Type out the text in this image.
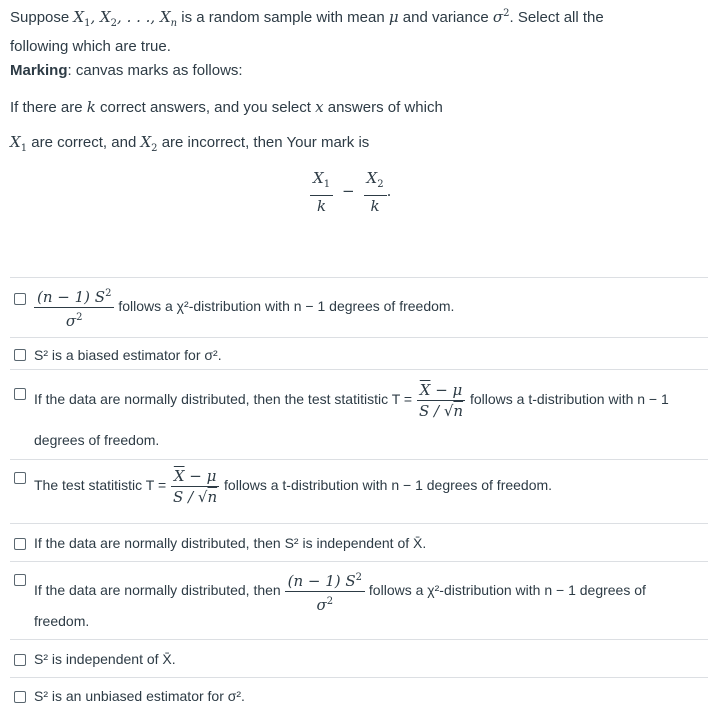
Suppose $X_1$, $X_2$, . . ., $X_n$ is a random sample with mean μ and variance $\sigma^2$. Select all the
following which are true.
Marking: canvas marks as follows:
If there are k correct answers, and you select x answers of which
$X_1$ are correct, and $X_2$ are incorrect, then Your mark is
$\frac{X_1}{k} - \frac{X_2}{k}$ .
$\frac{(n - 1) S^2}{\sigma^2}$ follows a χ²-distribution with n − 1 degrees of freedom.
S² is a biased estimator for σ².
If the data are normally distributed, then the test statitistic $T = \frac{\overline{X} - \mu}{S / √n}$ follows a t-distribution with n − 1
degrees of freedom.
The test statitistic $T = \frac{\overline{X} - \mu}{S / √n}$ follows a t-distribution with n − 1 degrees of freedom.
If the data are normally distributed, then S² is independent of X̄.
If the data are normally distributed, then $\frac{(n - 1) S^2}{\sigma^2}$ follows a χ²-distribution with n − 1 degrees of
freedom.
S² is independent of X̄.
S² is an unbiased estimator for σ².
